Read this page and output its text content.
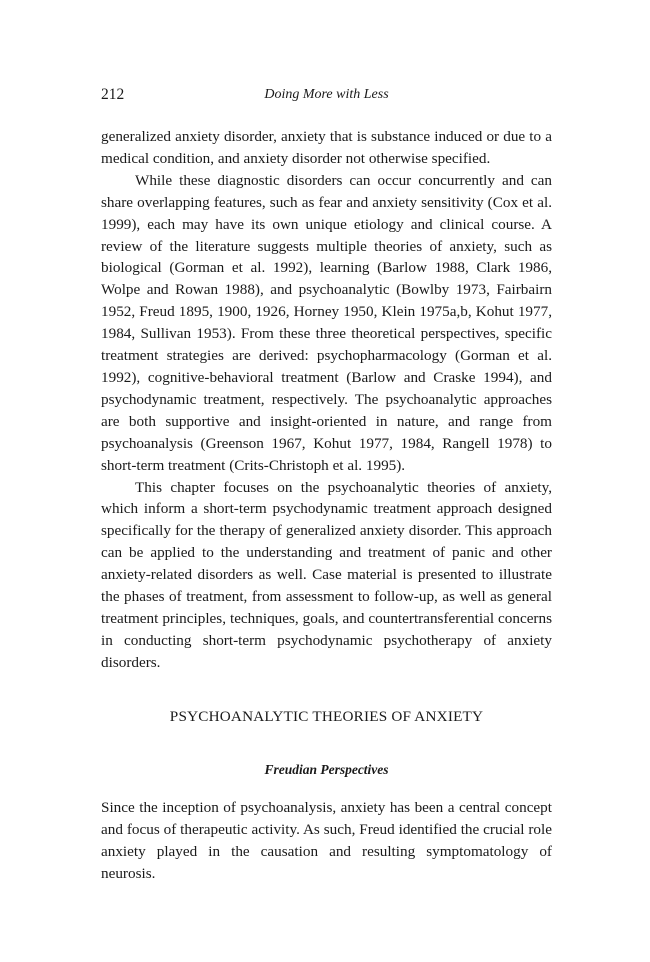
212	Doing More with Less

generalized anxiety disorder, anxiety that is substance induced or due to a medical condition, and anxiety disorder not otherwise specified.

While these diagnostic disorders can occur concurrently and can share overlapping features, such as fear and anxiety sensitivity (Cox et al. 1999), each may have its own unique etiology and clinical course. A review of the literature suggests multiple theories of anxiety, such as biological (Gorman et al. 1992), learning (Barlow 1988, Clark 1986, Wolpe and Rowan 1988), and psychoanalytic (Bowlby 1973, Fairbairn 1952, Freud 1895, 1900, 1926, Horney 1950, Klein 1975a,b, Kohut 1977, 1984, Sullivan 1953). From these three theoretical perspectives, specific treatment strategies are derived: psychopharmacology (Gorman et al. 1992), cognitive-behavioral treatment (Barlow and Craske 1994), and psychodynamic treatment, respectively. The psychoanalytic approaches are both supportive and insight-oriented in nature, and range from psychoanalysis (Greenson 1967, Kohut 1977, 1984, Rangell 1978) to short-term treatment (Crits-Christoph et al. 1995).

This chapter focuses on the psychoanalytic theories of anxiety, which inform a short-term psychodynamic treatment approach designed specifically for the therapy of generalized anxiety disorder. This approach can be applied to the understanding and treatment of panic and other anxiety-related disorders as well. Case material is presented to illustrate the phases of treatment, from assessment to follow-up, as well as general treatment principles, techniques, goals, and countertransferential concerns in conducting short-term psychodynamic psychotherapy of anxiety disorders.

PSYCHOANALYTIC THEORIES OF ANXIETY
Freudian Perspectives

Since the inception of psychoanalysis, anxiety has been a central concept and focus of therapeutic activity. As such, Freud identified the crucial role anxiety played in the causation and resulting symptomatology of neurosis.
